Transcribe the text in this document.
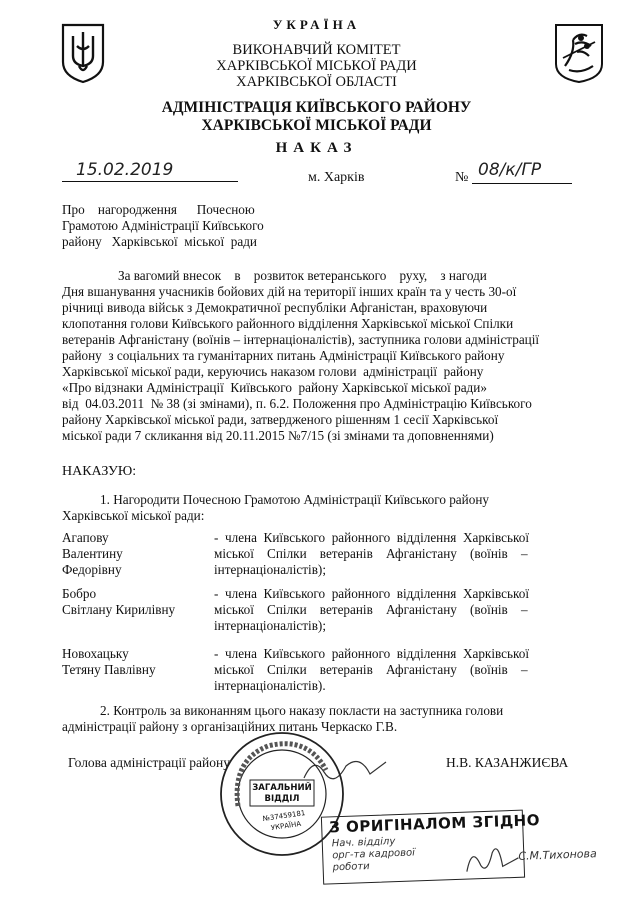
УКРАЇНА
ВИКОНАВЧИЙ КОМІТЕТ
ХАРКІВСЬКОЇ МІСЬКОЇ РАДИ
ХАРКІВСЬКОЇ ОБЛАСТІ
АДМІНІСТРАЦІЯ КИЇВСЬКОГО РАЙОНУ
ХАРКІВСЬКОЇ МІСЬКОЇ РАДИ
НАКАЗ
15.02.2019	м. Харків	№ 08/к/ГР
Про    нагородження      Почесною
Грамотою Адміністрації Київського
району   Харківської  міської  ради
За вагомий внесок    в    розвиток ветеранського    руху,    з нагоди
Дня вшанування учасників бойових дій на території інших країн та у честь 30-ої
річниці вивода військ з Демократичної республіки Афганістан, враховуючи
клопотання голови Київського районного відділення Харківської міської Спілки
ветеранів Афганістану (воїнів – інтернаціоналістів), заступника голови адміністрації
району  з соціальних та гуманітарних питань Адміністрації Київського району
Харківської міської ради, керуючись наказом голови  адміністрації  району
«Про відзнаки Адміністрації  Київського  району Харківської міської ради»
від  04.03.2011  № 38 (зі змінами), п. 6.2. Положення про Адміністрацію Київського
району Харківської міської ради, затвердженого рішенням 1 сесії Харківської
міської ради 7 скликання від 20.11.2015 №7/15 (зі змінами та доповненнями)
НАКАЗУЮ:
1. Нагородити Почесною Грамотою Адміністрації Київського району
Харківської міської ради:
Агапову
Валентину
Федорівну
-  члена  Київського  районного  відділення  Харківської
міської    Спілки    ветеранів    Афганістану    (воїнів    –
інтернаціоналістів);
Бобро
Світлану Кирилівну
-  члена  Київського  районного  відділення  Харківської
міської    Спілки    ветеранів    Афганістану    (воїнів    –
інтернаціоналістів);
Новохацьку
Тетяну Павлівну
-  члена  Київського  районного  відділення  Харківської
міської    Спілки    ветеранів    Афганістану    (воїнів    –
інтернаціоналістів).
2. Контроль за виконанням цього наказу покласти на заступника голови
адміністрації району з організаційних питань Черкаско Г.В.
Голова адміністрації району	Н.В. КАЗАНЖИЄВА
ЗАГАЛЬНИЙ
ВІДДІЛ
№37459181
УКРАЇНА	З ОРИГІНАЛОМ ЗГІДНО
Нач. відділу
орг-та кадрової
роботи
С.М.Тихонова
